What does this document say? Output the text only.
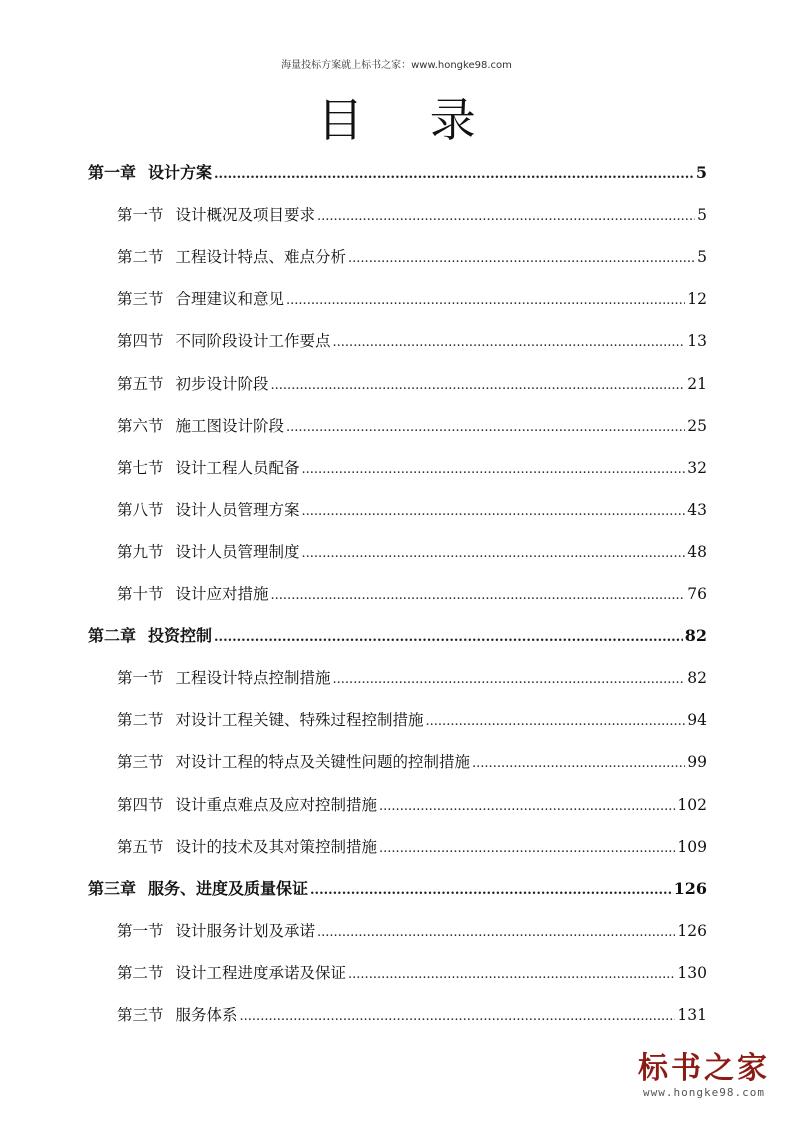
海量投标方案就上标书之家：www.hongke98.com
目 录
第一章 设计方案 .....	5
第一节 设计概况及项目要求 .....	5
第二节 工程设计特点、难点分析 .....	5
第三节 合理建议和意见 .....	12
第四节 不同阶段设计工作要点 .....	13
第五节 初步设计阶段 .....	21
第六节 施工图设计阶段 .....	25
第七节 设计工程人员配备 .....	32
第八节 设计人员管理方案 .....	43
第九节 设计人员管理制度 .....	48
第十节 设计应对措施 .....	76
第二章 投资控制 .....	82
第一节 工程设计特点控制措施 .....	82
第二节 对设计工程关键、特殊过程控制措施 .....	94
第三节 对设计工程的特点及关键性问题的控制措施 .....	99
第四节 设计重点难点及应对控制措施 .....	102
第五节 设计的技术及其对策控制措施 .....	109
第三章 服务、进度及质量保证 .....	126
第一节 设计服务计划及承诺 .....	126
第二节 设计工程进度承诺及保证 .....	130
第三节 服务体系 .....	131
标书之家
www.hongke98.com
